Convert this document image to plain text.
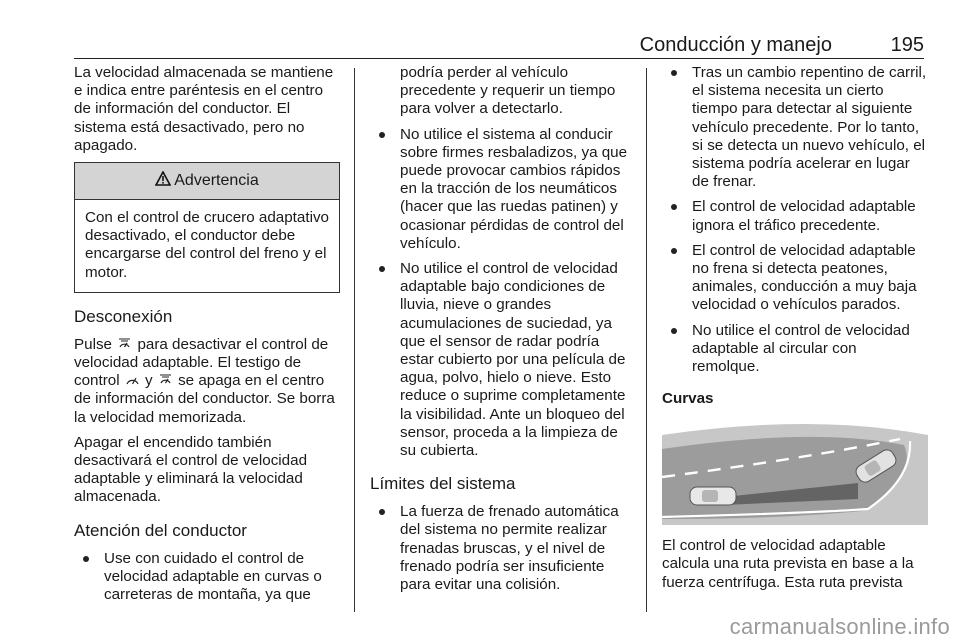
Conducción y manejo	195

La velocidad almacenada se mantiene e indica entre paréntesis en el centro de información del conductor. El sistema está desactivado, pero no apagado.

Advertencia
Con el control de crucero adaptativo desactivado, el conductor debe encargarse del control del freno y el motor.
Desconexión

Pulse  para desactivar el control de velocidad adaptable. El testigo de control  y  se apaga en el centro de información del conductor. Se borra la velocidad memorizada.

Apagar el encendido también desactivará el control de velocidad adaptable y eliminará la velocidad almacenada.

Atención del conductor
Use con cuidado el control de velocidad adaptable en curvas o carreteras de montaña, ya que

podría perder al vehículo precedente y requerir un tiempo para volver a detectarlo.

No utilice el sistema al conducir sobre firmes resbaladizos, ya que puede provocar cambios rápidos en la tracción de los neumáticos (hacer que las ruedas patinen) y ocasionar pérdidas de control del vehículo.
No utilice el control de velocidad adaptable bajo condiciones de lluvia, nieve o grandes acumulaciones de suciedad, ya que el sensor de radar podría estar cubierto por una película de agua, polvo, hielo o nieve. Esto reduce o suprime completamente la visibilidad. Ante un bloqueo del sensor, proceda a la limpieza de su cubierta.
Límites del sistema
La fuerza de frenado automática del sistema no permite realizar frenadas bruscas, y el nivel de frenado podría ser insuficiente para evitar una colisión.
Tras un cambio repentino de carril, el sistema necesita un cierto tiempo para detectar al siguiente vehículo precedente. Por lo tanto, si se detecta un nuevo vehículo, el sistema podría acelerar en lugar de frenar.
El control de velocidad adaptable ignora el tráfico precedente.
El control de velocidad adaptable no frena si detecta peatones, animales, conducción a muy baja velocidad o vehículos parados.
No utilice el control de velocidad adaptable al circular con remolque.
Curvas

El control de velocidad adaptable calcula una ruta prevista en base a la fuerza centrífuga. Esta ruta prevista

carmanualsonline.info
